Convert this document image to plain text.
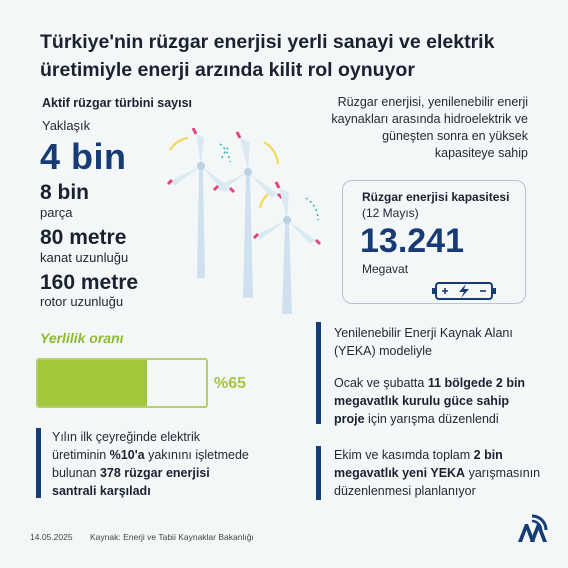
Türkiye'nin rüzgar enerjisi yerli sanayi ve elektrik
üretimiyle enerji arzında kilit rol oynuyor
Aktif rüzgar türbini sayısı
Yaklaşık
4 bin
8 bin
parça
80 metre
kanat uzunluğu
160 metre
rotor uzunluğu
Rüzgar enerjisi, yenilenebilir enerji
kaynakları arasında hidroelektrik ve
güneşten sonra en yüksek
kapasiteye sahip
Rüzgar enerjisi kapasitesi
(12 Mayıs)
13.241
Megavat
Yerlilik oranı
%65
Yılın ilk çeyreğinde elektrik
üretiminin %10'a yakınını işletmede
bulunan 378 rüzgar enerjisi
santrali karşıladı
Yenilenebilir Enerji Kaynak Alanı
(YEKA) modeliyle
Ocak ve şubatta 11 bölgede 2 bin
megavatlık kurulu güce sahip
proje için yarışma düzenlendi
Ekim ve kasımda toplam 2 bin
megavatlık yeni YEKA yarışmasının
düzenlenmesi planlanıyor
14.05.2025 Kaynak: Enerji ve Tabii Kaynaklar Bakanlığı
